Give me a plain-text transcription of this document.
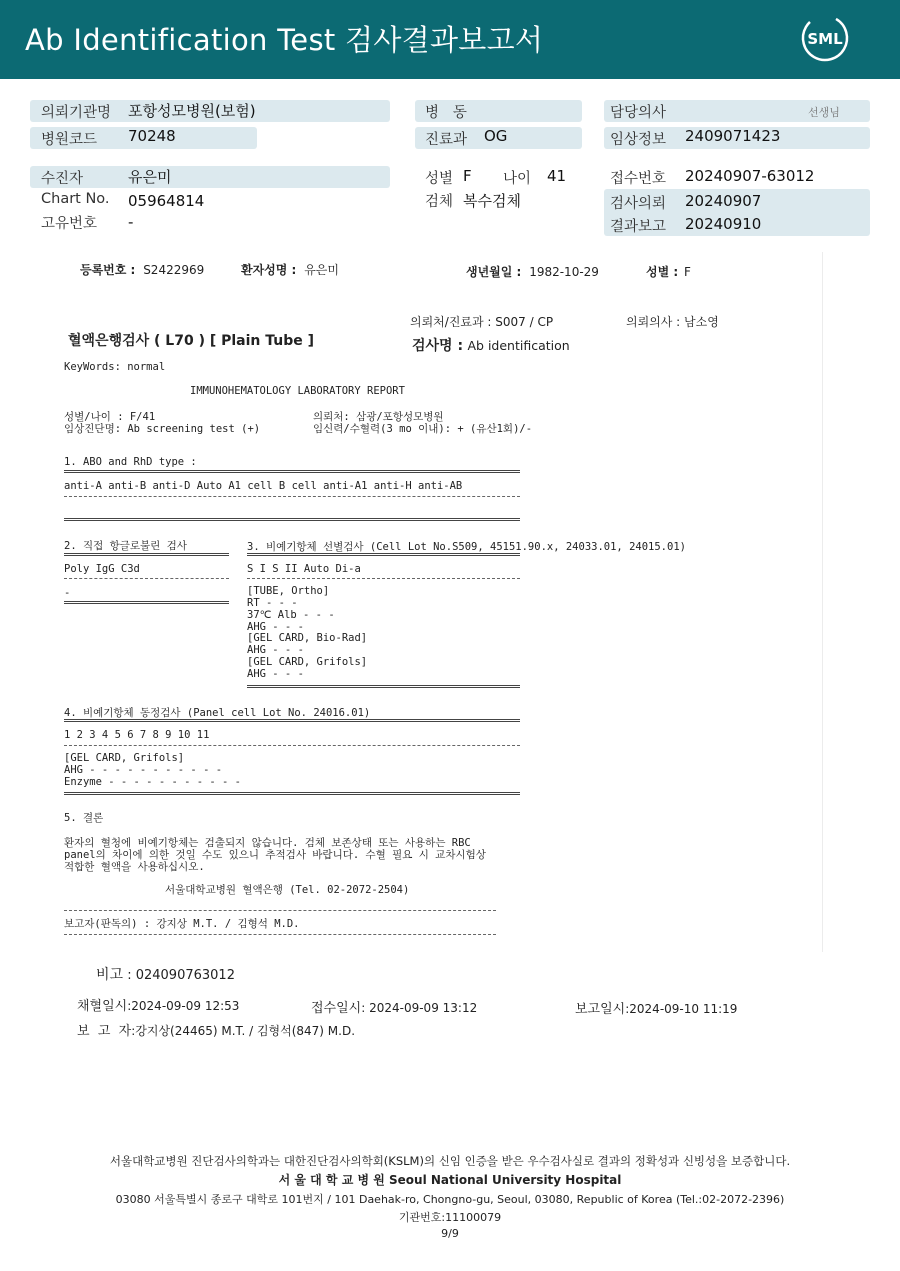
Ab Identification Test 검사결과보고서	SML
의뢰기관명 포항성모병원(보험)
병원코드 70248
병   동
진료과 OG
담당의사	선생님
임상정보 2409071423
수진자	유은미
Chart No. 05964814
고유번호 -
성별 F 나이 41
검체 복수검체
접수번호 20240907-63012
검사의뢰 20240907
결과보고 20240910
등록번호 : S2422969	환자성명 : 유은미	생년월일 : 1982-10-29	성별 : F
의뢰처/진료과 : S007 / CP	의뢰의사 : 남소영
혈액은행검사 ( L70 ) [ Plain Tube ]	검사명 : Ab identification
KeyWords: normal
IMMUNOHEMATOLOGY LABORATORY REPORT
성별/나이 : F/41
임상진단명: Ab screening test (+)
의뢰처: 삼광/포항성모병원
임신력/수혈력(3 mo 이내): + (유산1회)/-
1. ABO and RhD type :
anti-A anti-B anti-D Auto A1 cell B cell anti-A1 anti-H anti-AB
2. 직접 항글로불린 검사
Poly IgG C3d
-
3. 비예기항체 선별검사 (Cell Lot No.S509, 45151.90.x, 24033.01, 24015.01)
S I S II Auto Di-a
[TUBE, Ortho]
RT - - -
37℃ Alb - - -
AHG - - -
[GEL CARD, Bio-Rad]
AHG - - -
[GEL CARD, Grifols]
AHG - - -
4. 비예기항체 동정검사 (Panel cell Lot No. 24016.01)
1 2 3 4 5 6 7 8 9 10 11
[GEL CARD, Grifols]
AHG - - - - - - - - - - -
Enzyme - - - - - - - - - - -
5. 결론
환자의 혈청에 비예기항체는 검출되지 않습니다. 검체 보존상태 또는 사용하는 RBC
panel의 차이에 의한 것일 수도 있으니 추적검사 바랍니다. 수혈 필요 시 교차시험상
적합한 혈액을 사용하십시오.
서울대학교병원 혈액은행 (Tel. 02-2072-2504)
보고자(판독의) : 강지상 M.T. / 김형석 M.D.
비고 : 024090763012
채혈일시:2024-09-09 12:53	접수일시: 2024-09-09 13:12	보고일시:2024-09-10 11:19
보  고  자:강지상(24465) M.T. / 김형석(847) M.D.
서울대학교병원 진단검사의학과는 대한진단검사의학회(KSLM)의 신임 인증을 받은 우수검사실로 결과의 정확성과 신빙성을 보증합니다.
서 울 대 학 교 병 원 Seoul National University Hospital
03080 서울특별시 종로구 대학로 101번지 / 101 Daehak-ro, Chongno-gu, Seoul, 03080, Republic of Korea (Tel.:02-2072-2396)
기관번호:11100079
9/9
